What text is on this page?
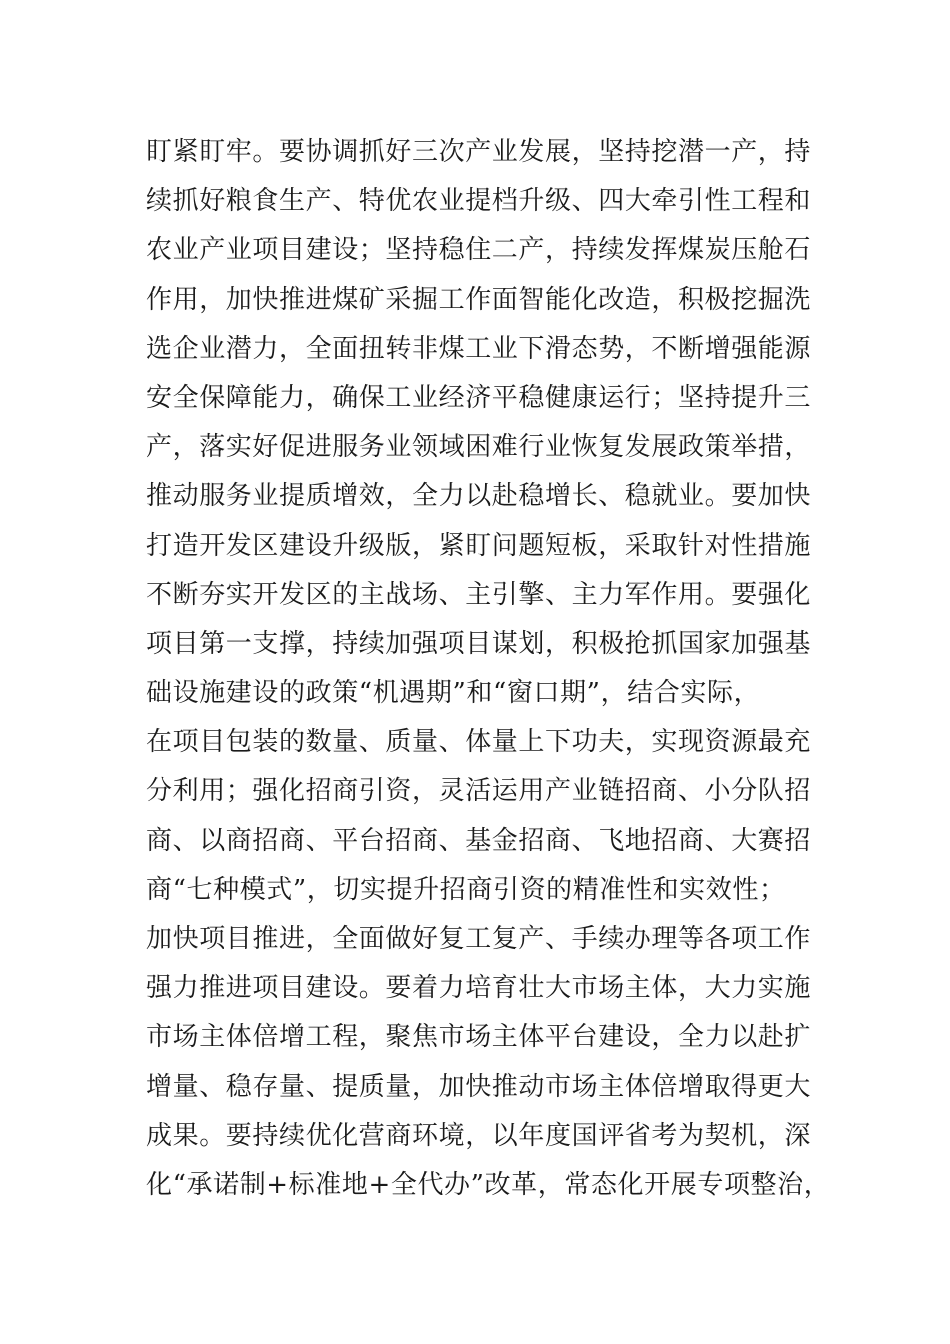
盯紧盯牢。要协调抓好三次产业发展，坚持挖潜一产，持
续抓好粮食生产、特优农业提档升级、四大牵引性工程和
农业产业项目建设；坚持稳住二产，持续发挥煤炭压舱石
作用，加快推进煤矿采掘工作面智能化改造，积极挖掘洗
选企业潜力，全面扭转非煤工业下滑态势，不断增强能源
安全保障能力，确保工业经济平稳健康运行；坚持提升三
产，落实好促进服务业领域困难行业恢复发展政策举措，
推动服务业提质增效，全力以赴稳增长、稳就业。要加快
打造开发区建设升级版，紧盯问题短板，采取针对性措施
不断夯实开发区的主战场、主引擎、主力军作用。要强化
项目第一支撑，持续加强项目谋划，积极抢抓国家加强基
础设施建设的政策“机遇期”和“窗口期”，结合实际，
在项目包装的数量、质量、体量上下功夫，实现资源最充
分利用；强化招商引资，灵活运用产业链招商、小分队招
商、以商招商、平台招商、基金招商、飞地招商、大赛招
商“七种模式”，切实提升招商引资的精准性和实效性；
加快项目推进，全面做好复工复产、手续办理等各项工作
强力推进项目建设。要着力培育壮大市场主体，大力实施
市场主体倍增工程，聚焦市场主体平台建设，全力以赴扩
增量、稳存量、提质量，加快推动市场主体倍增取得更大
成果。要持续优化营商环境，以年度国评省考为契机，深
化“承诺制+标准地+全代办”改革，常态化开展专项整治，
